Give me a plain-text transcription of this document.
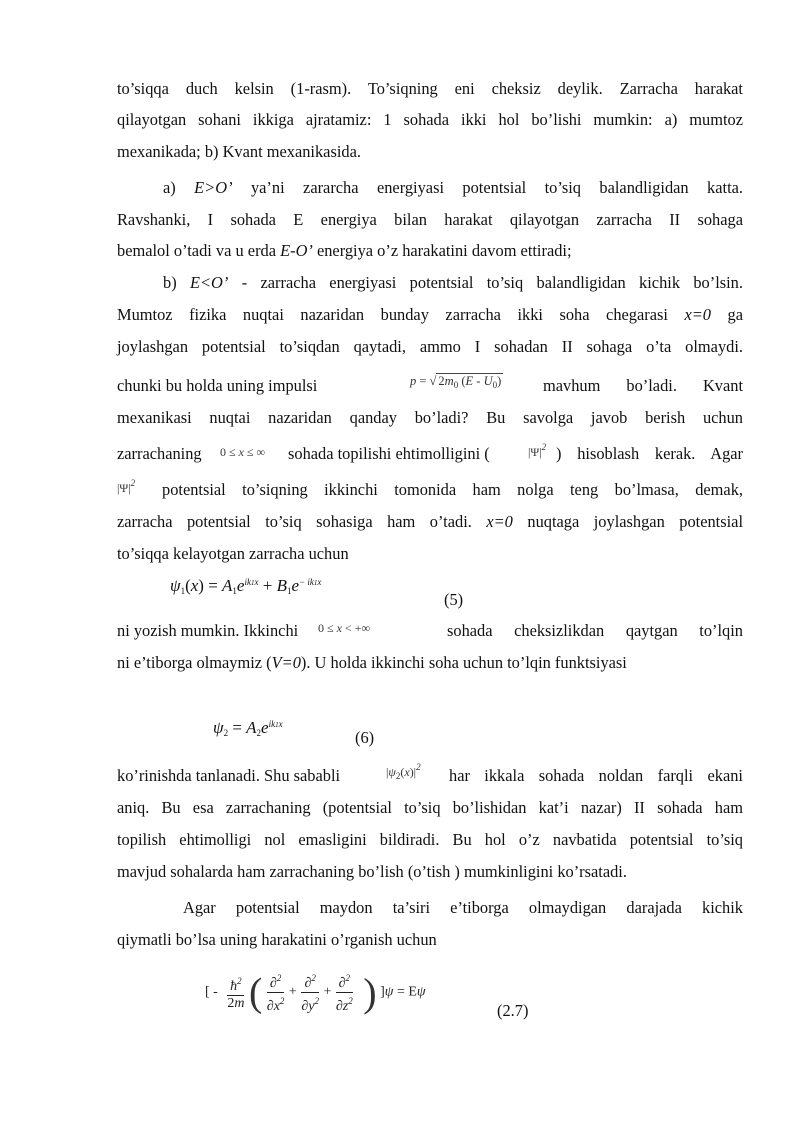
to’siqqa duch kelsin (1-rasm). To’siqning eni cheksiz deylik. Zarracha harakat
qilayotgan sohani ikkiga ajratamiz: 1 sohada ikki hol bo’lishi mumkin: a) mumtoz
mexanikada; b) Kvant mexanikasida.
a) E>O’ ya’ni zararcha energiyasi potentsial to’siq balandligidan katta.
Ravshanki, I sohada E energiya bilan harakat qilayotgan zarracha II sohaga
bemalol o’tadi va u erda E-O’ energiya o’z harakatini davom ettiradi;
b) E<O’ - zarracha energiyasi potentsial to’siq balandligidan kichik bo’lsin.
Mumtoz fizika nuqtai nazaridan bunday zarracha ikki soha chegarasi x=0 ga
joylashgan potentsial to’siqdan qaytadi, ammo I sohadan II sohaga o’ta olmaydi.
chunki bu holda uning impulsi	p = √ $2m_0$ $(E - U_0)$	mavhum bo’ladi. Kvant
mexanikasi nuqtai nazaridan qanday bo’ladi? Bu savolga javob berish uchun
zarrachaning 0 ≤ x ≤ ∞ sohada topilishi ehtimolligini (	$|\Psi|^2$ ) hisoblash kerak. Agar
$|\Psi|^2$ potentsial to’siqning ikkinchi tomonida ham nolga teng bo’lmasa, demak,
zarracha potentsial to’siq sohasiga ham o’tadi. x=0 nuqtaga joylashgan potentsial
to’siqqa kelayotgan zarracha uchun
$\psi_1(x) = A_1e^{ik1x} + B_1e^{- ik1x}$
(5)
ni yozish mumkin. Ikkinchi 0 ≤ x < +∞	sohada cheksizlikdan qaytgan to’lqin
ni e’tiborga olmaymiz (V=0). U holda ikkinchi soha uchun to’lqin funktsiyasi
$\psi_2 = A_2e^{ik1x}$
(6)
ko’rinishda tanlanadi. Shu sababli	$|\psi_2(x)|^2$ har ikkala sohada noldan farqli ekani
aniq. Bu esa zarrachaning (potentsial to’siq bo’lishidan kat’i nazar) II sohada ham
topilish ehtimolligi nol emasligini bildiradi. Bu hol o’z navbatida potentsial to’siq
mavjud sohalarda ham zarrachaning bo’lish (o’tish ) mumkinligini ko’rsatadi.
Agar potentsial maydon ta’siri e’tiborga olmaydigan darajada kichik
qiymatli bo’lsa uning harakatini o’rganish uchun
[ - $\frac{ħ^2}{2m}$ ( $\frac{\partial^2}{\partial x^2} + \frac{\partial^2}{\partial y^2} + \frac{\partial^2}{\partial z^2}$ ) ]ψ = Eψ
(2.7)
